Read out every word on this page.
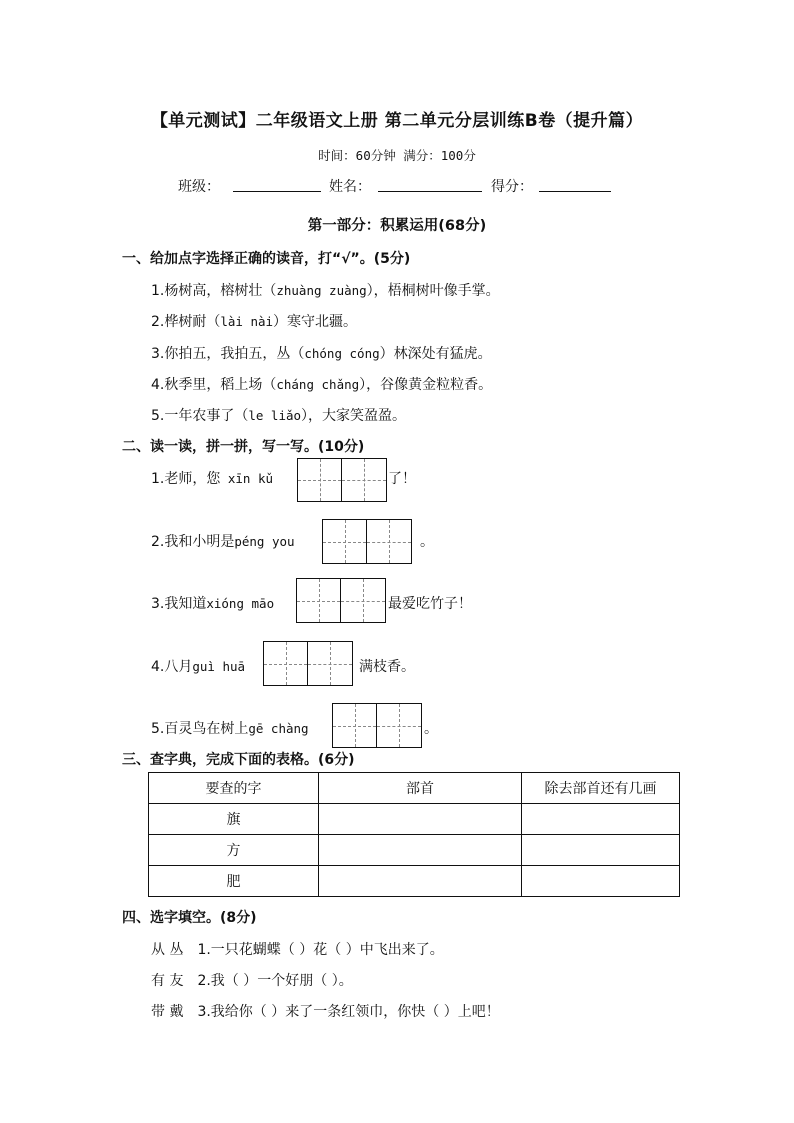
【单元测试】二年级语文上册 第二单元分层训练B卷（提升篇）
时间：60分钟 满分：100分
班级：	姓名：	得分：
第一部分：积累运用(68分)
一、给加点字选择正确的读音，打“√”。(5分)
1.杨树高，榕树壮（zhuàng zuàng），梧桐树叶像手掌。
2.桦树耐（lài nài）寒守北疆。
3.你拍五，我拍五，丛（chóng cóng）林深处有猛虎。
4.秋季里，稻上场（cháng chǎng），谷像黄金粒粒香。
5.一年农事了（le liǎo），大家笑盈盈。
二、读一读，拼一拼，写一写。(10分)
1.老师，您 xīn kǔ	了！
2.我和小明是péng you	。
3.我知道xióng māo	最爱吃竹子！
4.八月guì huā	满枝香。
5.百灵鸟在树上gē chàng	。
三、查字典，完成下面的表格。(6分)
要查的字	部首	除去部首还有几画
旗		
方		
肥		
四、选字填空。(8分)
从 丛 1.一只花蝴蝶（ ）花（ ）中飞出来了。
有 友 2.我（ ）一个好朋（ ）。
带 戴 3.我给你（ ）来了一条红领巾，你快（ ）上吧！
